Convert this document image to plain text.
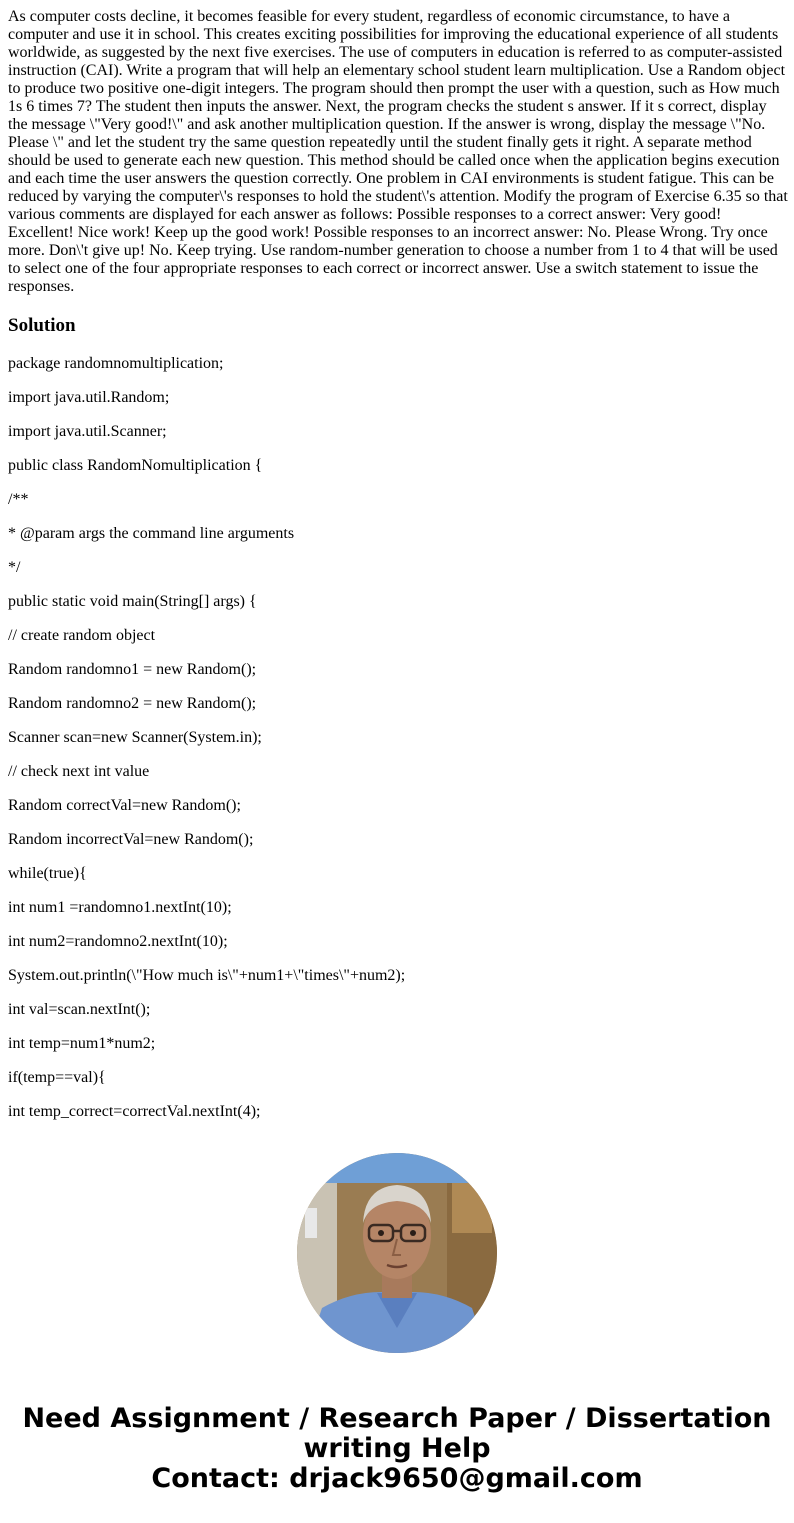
As computer costs decline, it becomes feasible for every student, regardless of economic circumstance, to have a computer and use it in school. This creates exciting possibilities for improving the educational experience of all students worldwide, as suggested by the next five exercises. The use of computers in education is referred to as computer-assisted instruction (CAI). Write a program that will help an elementary school student learn multiplication. Use a Random object to produce two positive one-digit integers. The program should then prompt the user with a question, such as How much 1s 6 times 7? The student then inputs the answer. Next, the program checks the student s answer. If it s correct, display the message \"Very good!\" and ask another multiplication question. If the answer is wrong, display the message \"No. Please \" and let the student try the same question repeatedly until the student finally gets it right. A separate method should be used to generate each new question. This method should be called once when the application begins execution and each time the user answers the question correctly. One problem in CAI environments is student fatigue. This can be reduced by varying the computer\'s responses to hold the student\'s attention. Modify the program of Exercise 6.35 so that various comments are displayed for each answer as follows: Possible responses to a correct answer: Very good! Excellent! Nice work! Keep up the good work! Possible responses to an incorrect answer: No. Please Wrong. Try once more. Don\'t give up! No. Keep trying. Use random-number generation to choose a number from 1 to 4 that will be used to select one of the four appropriate responses to each correct or incorrect answer. Use a switch statement to issue the responses.

Solution

package randomnomultiplication;

import java.util.Random;

import java.util.Scanner;

public class RandomNomultiplication {

/**

* @param args the command line arguments

*/

public static void main(String[] args) {

// create random object

Random randomno1 = new Random();

Random randomno2 = new Random();

Scanner scan=new Scanner(System.in);

// check next int value

Random correctVal=new Random();

Random incorrectVal=new Random();

while(true){

int num1 =randomno1.nextInt(10);

int num2=randomno2.nextInt(10);

System.out.println(\"How much is\"+num1+\"times\"+num2);

int val=scan.nextInt();

int temp=num1*num2;

if(temp==val){

int temp_correct=correctVal.nextInt(4);

Need Assignment / Research Paper / Dissertation
writing Help
Contact: drjack9650@gmail.com
